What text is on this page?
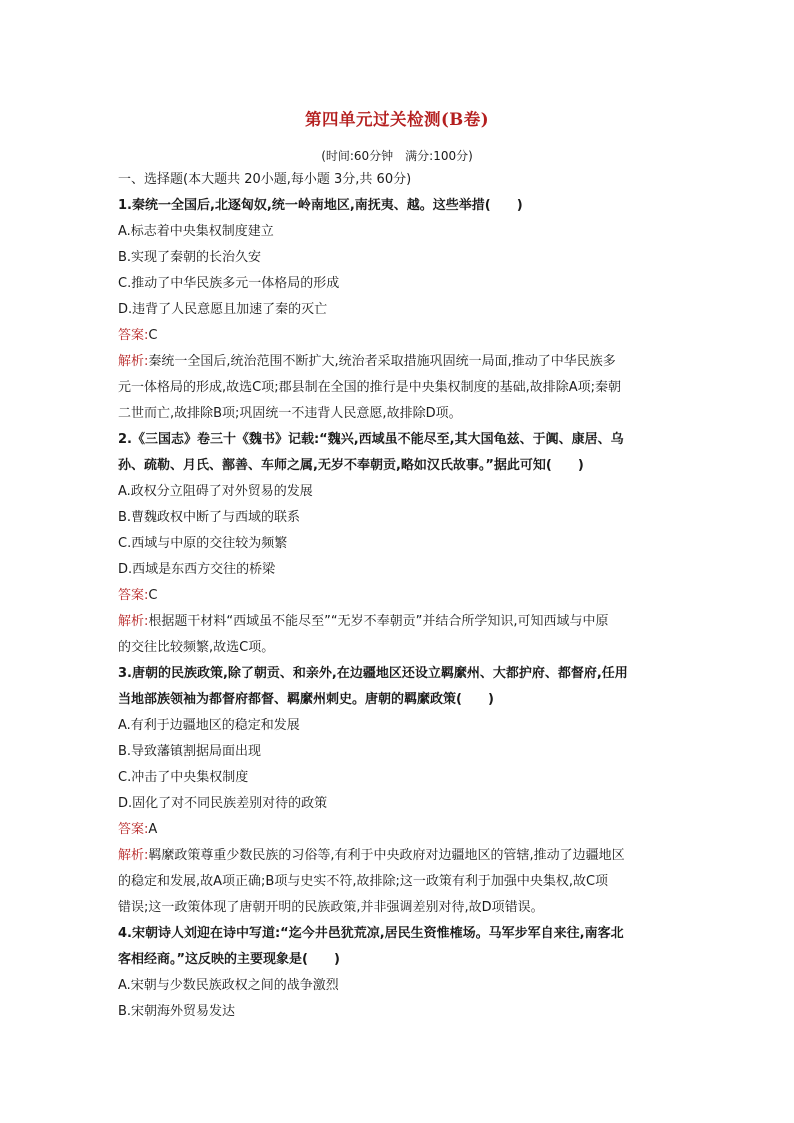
第四单元过关检测(B卷)
(时间:60分钟　满分:100分)
一、选择题(本大题共 20小题,每小题 3分,共 60分)
1.秦统一全国后,北逐匈奴,统一岭南地区,南抚夷、越。这些举措(　　)
A.标志着中央集权制度建立
B.实现了秦朝的长治久安
C.推动了中华民族多元一体格局的形成
D.违背了人民意愿且加速了秦的灭亡
答案:C
解析:秦统一全国后,统治范围不断扩大,统治者采取措施巩固统一局面,推动了中华民族多
元一体格局的形成,故选C项;郡县制在全国的推行是中央集权制度的基础,故排除A项;秦朝
二世而亡,故排除B项;巩固统一不违背人民意愿,故排除D项。
2.《三国志》卷三十《魏书》记载:“魏兴,西域虽不能尽至,其大国龟兹、于阗、康居、乌
孙、疏勒、月氏、鄯善、车师之属,无岁不奉朝贡,略如汉氏故事。”据此可知(　　)
A.政权分立阻碍了对外贸易的发展
B.曹魏政权中断了与西域的联系
C.西域与中原的交往较为频繁
D.西域是东西方交往的桥梁
答案:C
解析:根据题干材料“西域虽不能尽至”“无岁不奉朝贡”并结合所学知识,可知西域与中原
的交往比较频繁,故选C项。
3.唐朝的民族政策,除了朝贡、和亲外,在边疆地区还设立羁縻州、大都护府、都督府,任用
当地部族领袖为都督府都督、羁縻州刺史。唐朝的羁縻政策(　　)
A.有利于边疆地区的稳定和发展
B.导致藩镇割据局面出现
C.冲击了中央集权制度
D.固化了对不同民族差别对待的政策
答案:A
解析:羁縻政策尊重少数民族的习俗等,有利于中央政府对边疆地区的管辖,推动了边疆地区
的稳定和发展,故A项正确;B项与史实不符,故排除;这一政策有利于加强中央集权,故C项
错误;这一政策体现了唐朝开明的民族政策,并非强调差别对待,故D项错误。
4.宋朝诗人刘迎在诗中写道:“迄今井邑犹荒凉,居民生资惟榷场。马军步军自来往,南客北
客相经商。”这反映的主要现象是(　　)
A.宋朝与少数民族政权之间的战争激烈
B.宋朝海外贸易发达
